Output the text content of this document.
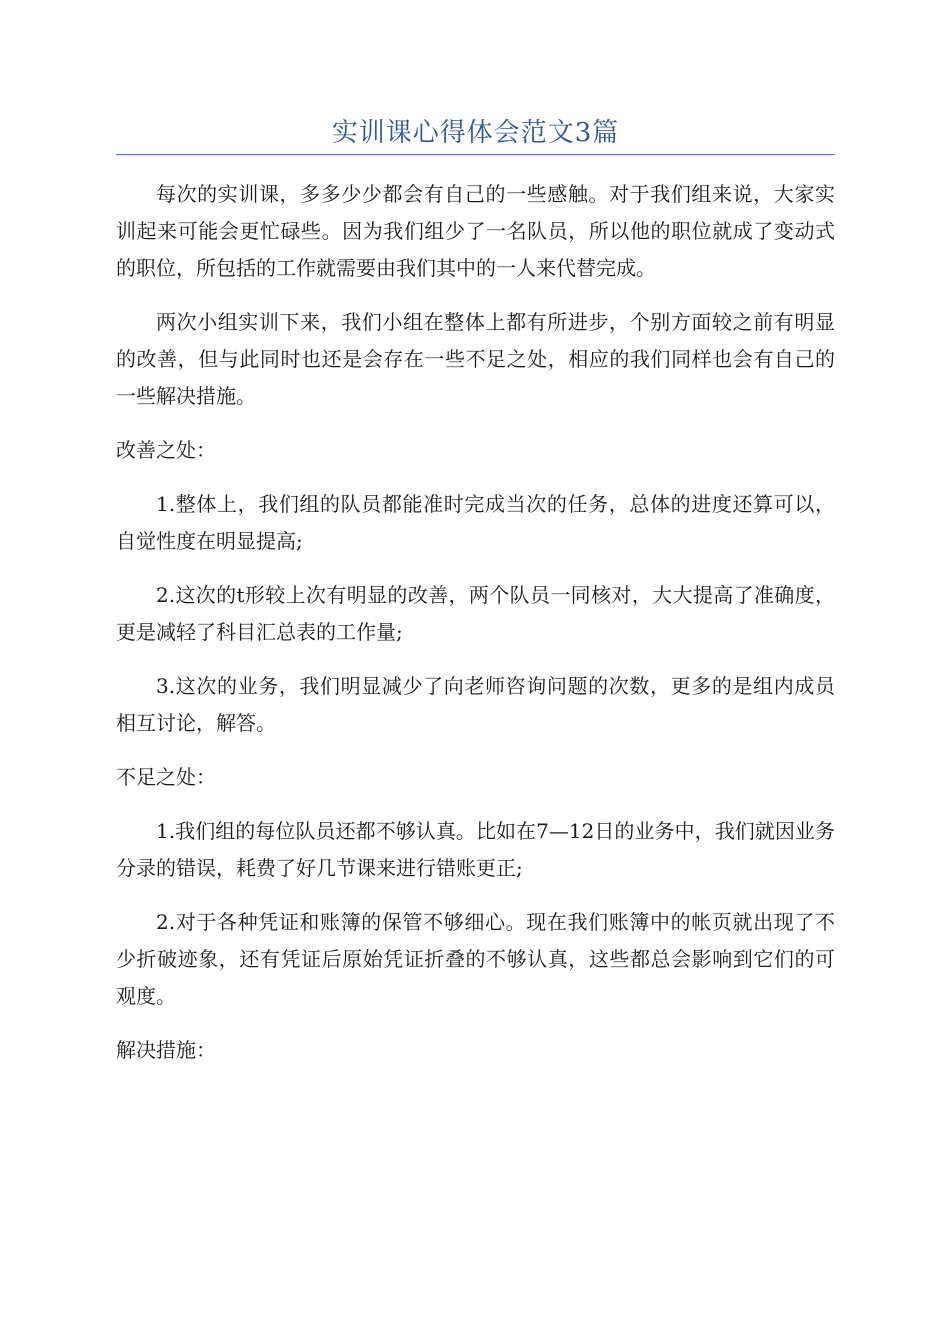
实训课心得体会范文3篇

每次的实训课，多多少少都会有自己的一些感触。对于我们组来说，大家实训起来可能会更忙碌些。因为我们组少了一名队员，所以他的职位就成了变动式的职位，所包括的工作就需要由我们其中的一人来代替完成。

两次小组实训下来，我们小组在整体上都有所进步，个别方面较之前有明显的改善，但与此同时也还是会存在一些不足之处，相应的我们同样也会有自己的一些解决措施。

改善之处：

1.整体上，我们组的队员都能准时完成当次的任务，总体的进度还算可以，自觉性度在明显提高;

2.这次的t形较上次有明显的改善，两个队员一同核对，大大提高了准确度，更是减轻了科目汇总表的工作量;

3.这次的业务，我们明显减少了向老师咨询问题的次数，更多的是组内成员相互讨论，解答。

不足之处：

1.我们组的每位队员还都不够认真。比如在7—12日的业务中，我们就因业务分录的错误，耗费了好几节课来进行错账更正;

2.对于各种凭证和账簿的保管不够细心。现在我们账簿中的帐页就出现了不少折破迹象，还有凭证后原始凭证折叠的不够认真，这些都总会影响到它们的可观度。

解决措施：
